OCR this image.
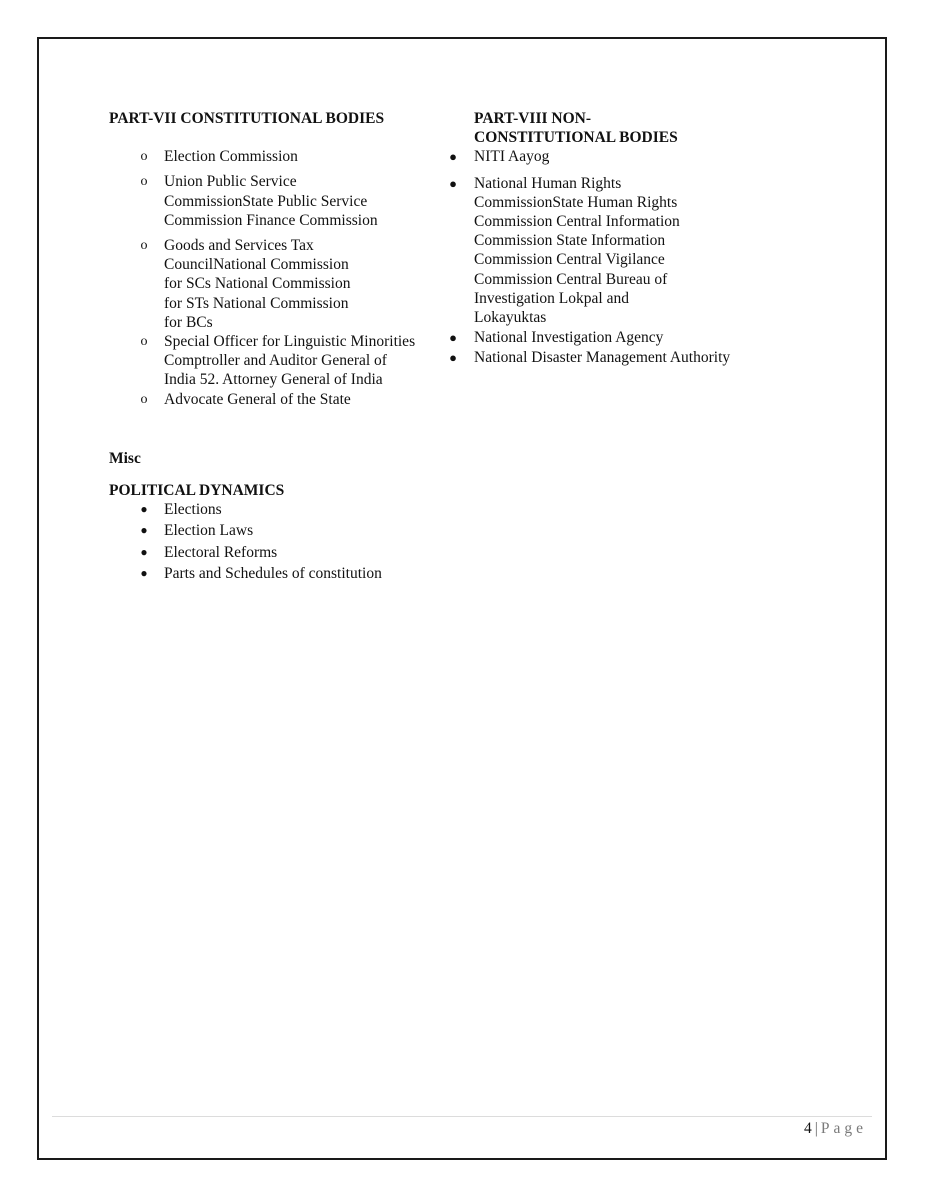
PART-VII CONSTITUTIONAL BODIES

o Election Commission
o Union Public Service CommissionState Public Service Commission Finance Commission
o Goods and Services Tax CouncilNational Commission for SCs National Commission for STs National Commission for BCs
o Special Officer for Linguistic Minorities Comptroller and Auditor General of India 52. Attorney General of India
o Advocate General of the State

Misc

POLITICAL DYNAMICS

● Elections
● Election Laws
● Electoral Reforms
● Parts and Schedules of constitution

PART-VIII NON-CONSTITUTIONAL BODIES

● NITI Aayog
● National Human Rights CommissionState Human Rights Commission Central Information Commission State Information Commission Central Vigilance Commission Central Bureau of Investigation Lokpal and Lokayuktas
● National Investigation Agency
● National Disaster Management Authority
4 | Page
